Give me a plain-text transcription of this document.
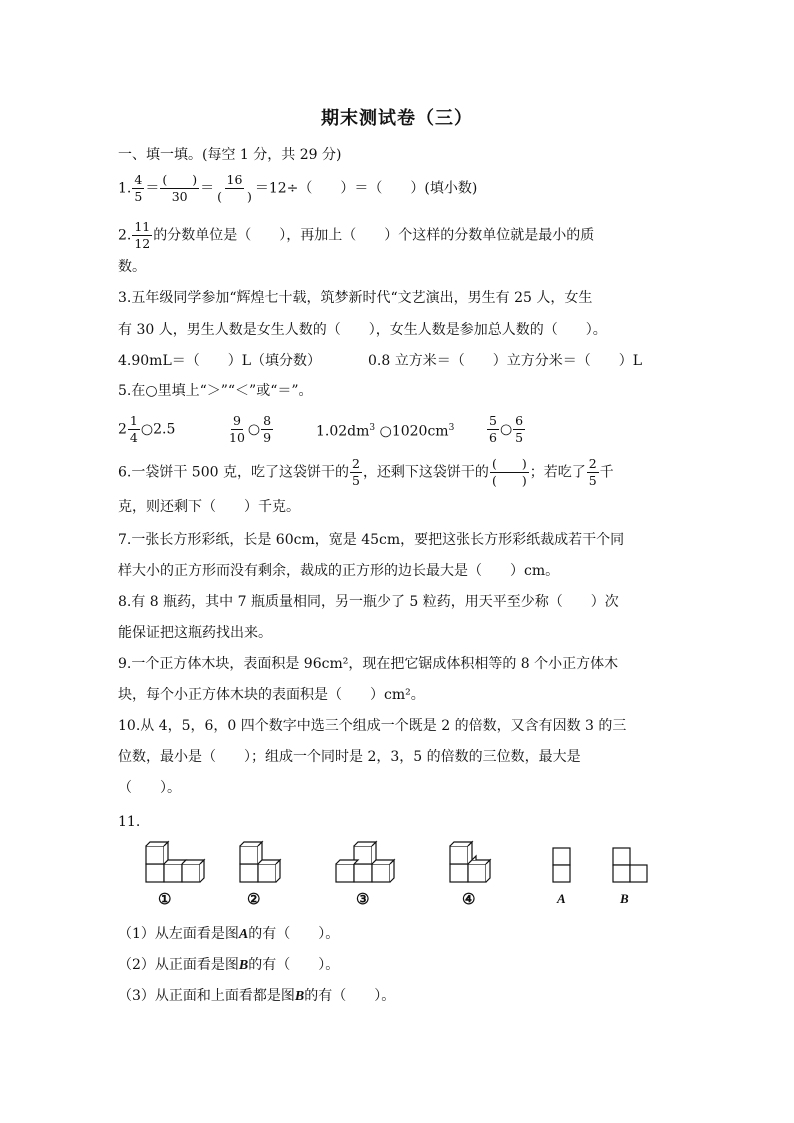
期末测试卷（三）
一、填一填。(每空 1 分，共 29 分)
1. $\frac{4}{5} = \frac{( )}{30} = \frac{16}{( )} =12\div$（　　）＝（　　）(填小数)
2. $\frac{11}{12}$ 的分数单位是（　　），再加上（　　）个这样的分数单位就是最小的质
数。
3.五年级同学参加“辉煌七十载，筑梦新时代“文艺演出，男生有 25 人，女生
有 30 人，男生人数是女生人数的（　　），女生人数是参加总人数的（　　）。
4.90mL＝（　　）L（填分数）	0.8 立方米＝（　　）立方分米＝（　　）L
5.在○里填上“＞”“＜”或“＝”。
$2 \frac{1}{4}$ ○2.5	$\frac{9}{10}$ ○ $\frac{8}{9}$	$1.02dm^3$ $○1020cm^3$	$\frac{5}{6}$ ○ $\frac{6}{5}$
6.一袋饼干 500 克，吃了这袋饼干的 $\frac{2}{5}$ ，还剩下这袋饼干的 $\frac{( )}{( )}$ ；若吃了 $\frac{2}{5}$ 千
克，则还剩下（　　）千克。
7.一张长方形彩纸，长是 60cm，宽是 45cm，要把这张长方形彩纸裁成若干个同
样大小的正方形而没有剩余，裁成的正方形的边长最大是（　　）cm。
8.有 8 瓶药，其中 7 瓶质量相同，另一瓶少了 5 粒药，用天平至少称（　　）次
能保证把这瓶药找出来。
9.一个正方体木块，表面积是 96cm²，现在把它锯成体积相等的 8 个小正方体木
块，每个小正方体木块的表面积是（　　）cm²。
10.从 4，5，6，0 四个数字中选三个组成一个既是 2 的倍数，又含有因数 3 的三
位数，最小是（　　）；组成一个同时是 2，3，5 的倍数的三位数，最大是
（　　）。
11.
①	②	③	④	A	B
（1）从左面看是图A的有（　　）。
（2）从正面看是图B的有（　　）。
（3）从正面和上面看都是图B的有（　　）。
